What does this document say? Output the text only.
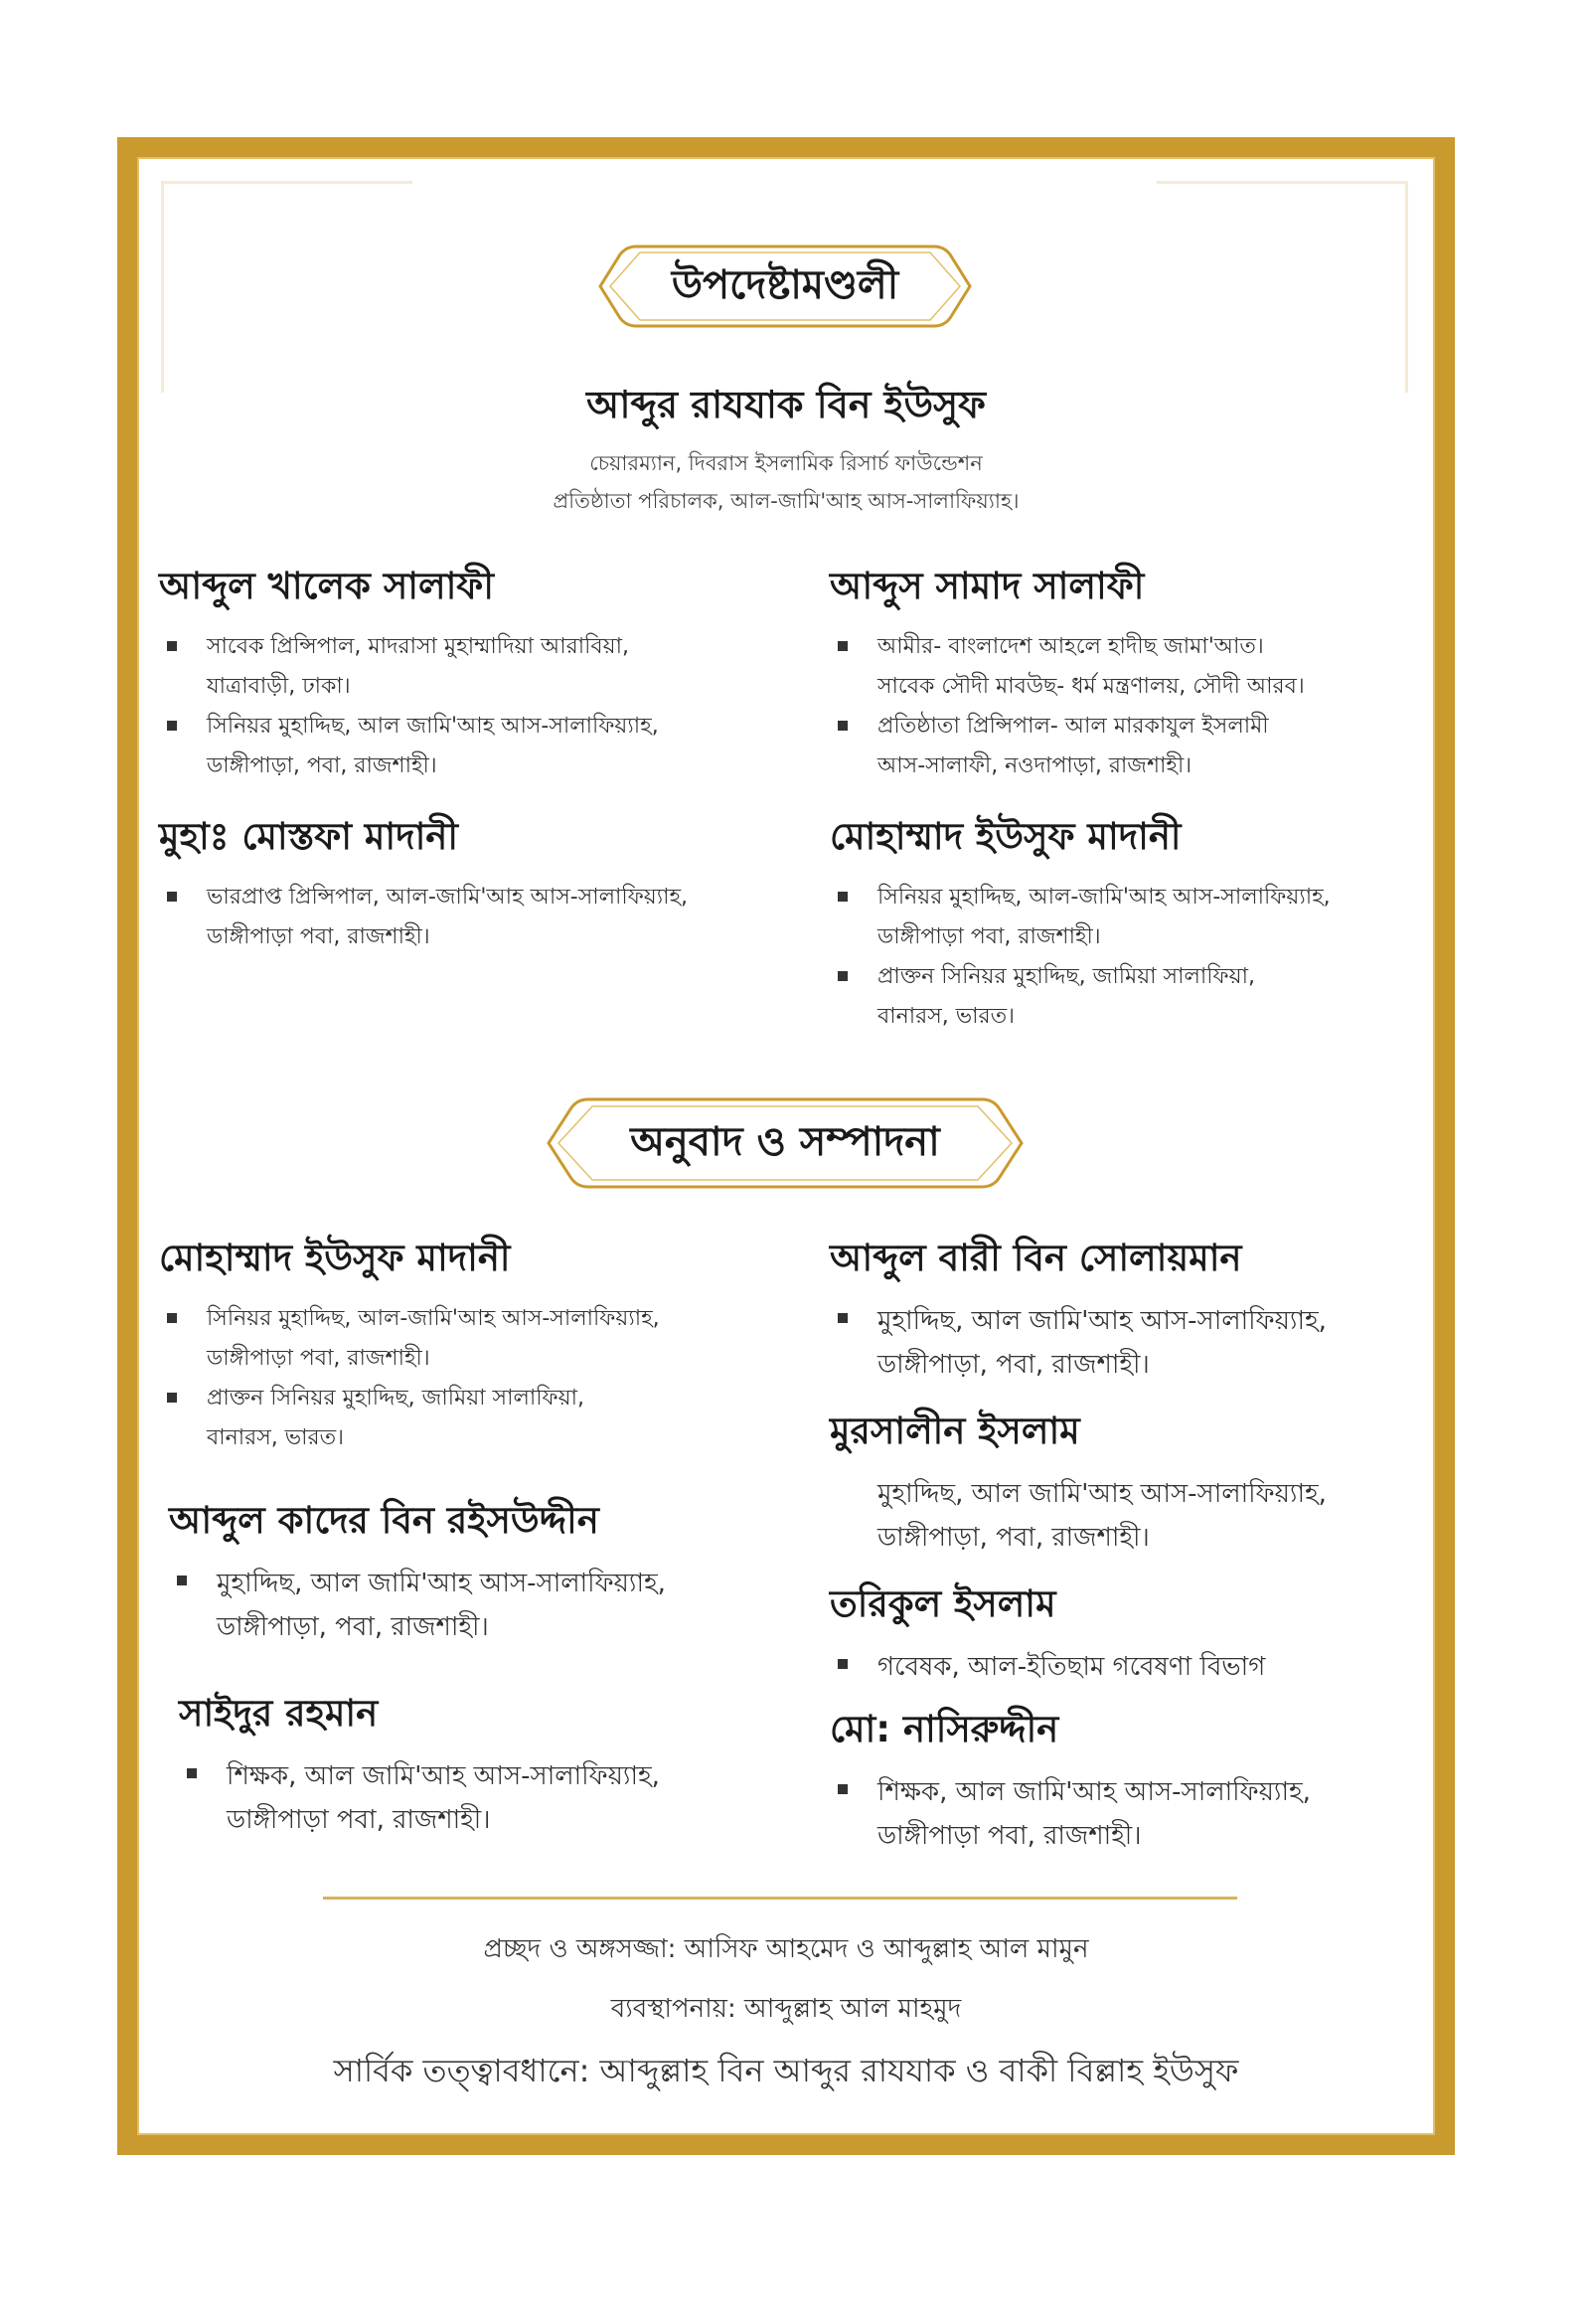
উপদেষ্টামণ্ডলী
আব্দুর রাযযাক বিন ইউসুফ
চেয়ারম্যান, দিবরাস ইসলামিক রিসার্চ ফাউন্ডেশন
প্রতিষ্ঠাতা পরিচালক, আল-জামি'আহ আস-সালাফিয়্যাহ।
আব্দুল খালেক সালাফী
সাবেক প্রিন্সিপাল, মাদরাসা মুহাম্মাদিয়া আরাবিয়া,
যাত্রাবাড়ী, ঢাকা।
সিনিয়র মুহাদ্দিছ, আল জামি'আহ আস-সালাফিয়্যাহ,
ডাঙ্গীপাড়া, পবা, রাজশাহী।
আব্দুস সামাদ সালাফী
আমীর- বাংলাদেশ আহলে হাদীছ জামা'আত।
সাবেক সৌদী মাবউছ- ধর্ম মন্ত্রণালয়, সৌদী আরব।
প্রতিষ্ঠাতা প্রিন্সিপাল- আল মারকাযুল ইসলামী
আস-সালাফী, নওদাপাড়া, রাজশাহী।
মুহাঃ মোস্তফা মাদানী
ভারপ্রাপ্ত প্রিন্সিপাল, আল-জামি'আহ আস-সালাফিয়্যাহ,
ডাঙ্গীপাড়া পবা, রাজশাহী।
মোহাম্মাদ ইউসুফ মাদানী
সিনিয়র মুহাদ্দিছ, আল-জামি'আহ আস-সালাফিয়্যাহ,
ডাঙ্গীপাড়া পবা, রাজশাহী।
প্রাক্তন সিনিয়র মুহাদ্দিছ, জামিয়া সালাফিয়া,
বানারস, ভারত।
অনুবাদ ও সম্পাদনা
মোহাম্মাদ ইউসুফ মাদানী
সিনিয়র মুহাদ্দিছ, আল-জামি'আহ আস-সালাফিয়্যাহ,
ডাঙ্গীপাড়া পবা, রাজশাহী।
প্রাক্তন সিনিয়র মুহাদ্দিছ, জামিয়া সালাফিয়া,
বানারস, ভারত।
আব্দুল বারী বিন সোলায়মান
মুহাদ্দিছ, আল জামি'আহ আস-সালাফিয়্যাহ,
ডাঙ্গীপাড়া, পবা, রাজশাহী।
আব্দুল কাদের বিন রইসউদ্দীন
মুহাদ্দিছ, আল জামি'আহ আস-সালাফিয়্যাহ,
ডাঙ্গীপাড়া, পবা, রাজশাহী।
মুরসালীন ইসলাম
মুহাদ্দিছ, আল জামি'আহ আস-সালাফিয়্যাহ,
ডাঙ্গীপাড়া, পবা, রাজশাহী।
তরিকুল ইসলাম
গবেষক, আল-ইতিছাম গবেষণা বিভাগ
সাইদুর রহমান
শিক্ষক, আল জামি'আহ আস-সালাফিয়্যাহ,
ডাঙ্গীপাড়া পবা, রাজশাহী।
মো: নাসিরুদ্দীন
শিক্ষক, আল জামি'আহ আস-সালাফিয়্যাহ,
ডাঙ্গীপাড়া পবা, রাজশাহী।
প্রচ্ছদ ও অঙ্গসজ্জা: আসিফ আহমেদ ও আব্দুল্লাহ আল মামুন
ব্যবস্থাপনায়: আব্দুল্লাহ আল মাহমুদ
সার্বিক তত্ত্বাবধানে: আব্দুল্লাহ বিন আব্দুর রাযযাক ও বাকী বিল্লাহ ইউসুফ
